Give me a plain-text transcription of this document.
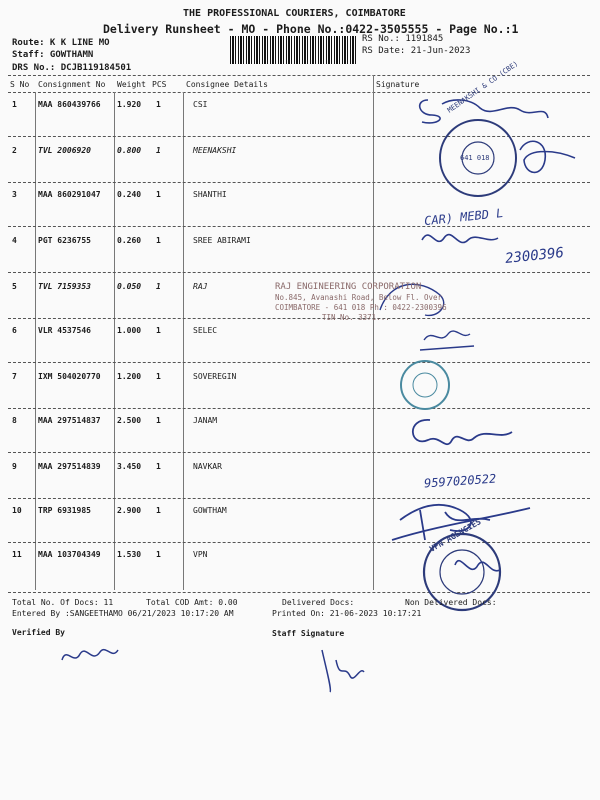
THE PROFESSIONAL COURIERS, COIMBATORE
Delivery Runsheet - MO - Phone No.:0422-3505555 - Page No.:1
Route: K K LINE MO
Staff: GOWTHAMN
DRS No.: DCJB119184501
RS No.: 1191845
RS Date: 21-Jun-2023
S No Consignment No Weight PCS Consignee Details	Signature
1	MAA 860439766 1.920 1	CSI
2	TVL 2006920	0.800 1	MEENAKSHI
3	MAA 860291047 0.240 1	SHANTHI
4	PGT 6236755	0.260 1	SREE ABIRAMI
5	TVL 7159353	0.050 1	RAJ
6	VLR 4537546	1.000 1	SELEC
7	IXM 504020770 1.200 1	SOVEREGIN
8	MAA 297514837 2.500 1	JANAM
9	MAA 297514839 3.450 1	NAVKAR
10 TRP 6931985	2.900 1	GOWTHAM
11 MAA 103704349 1.530 1	VPN
641 018
MEENAKSHI & CO (CBE)
CAR) MEBD L
2300396
RAJ ENGINEERING CORPORATION
No.845, Avanashi Road, Below Fl. Over
COIMBATORE - 641 018 Ph : 0422-2300396
TIN No. 3371...
9597020522
VPN AGENCIES
Total No. Of Docs: 11	Total COD Amt: 0.00	Delivered Docs:	Non Delivered Docs:
Entered By :SANGEETHAMO 06/21/2023 10:17:20 AM	Printed On: 21-06-2023 10:17:21
Verified By	Staff Signature
